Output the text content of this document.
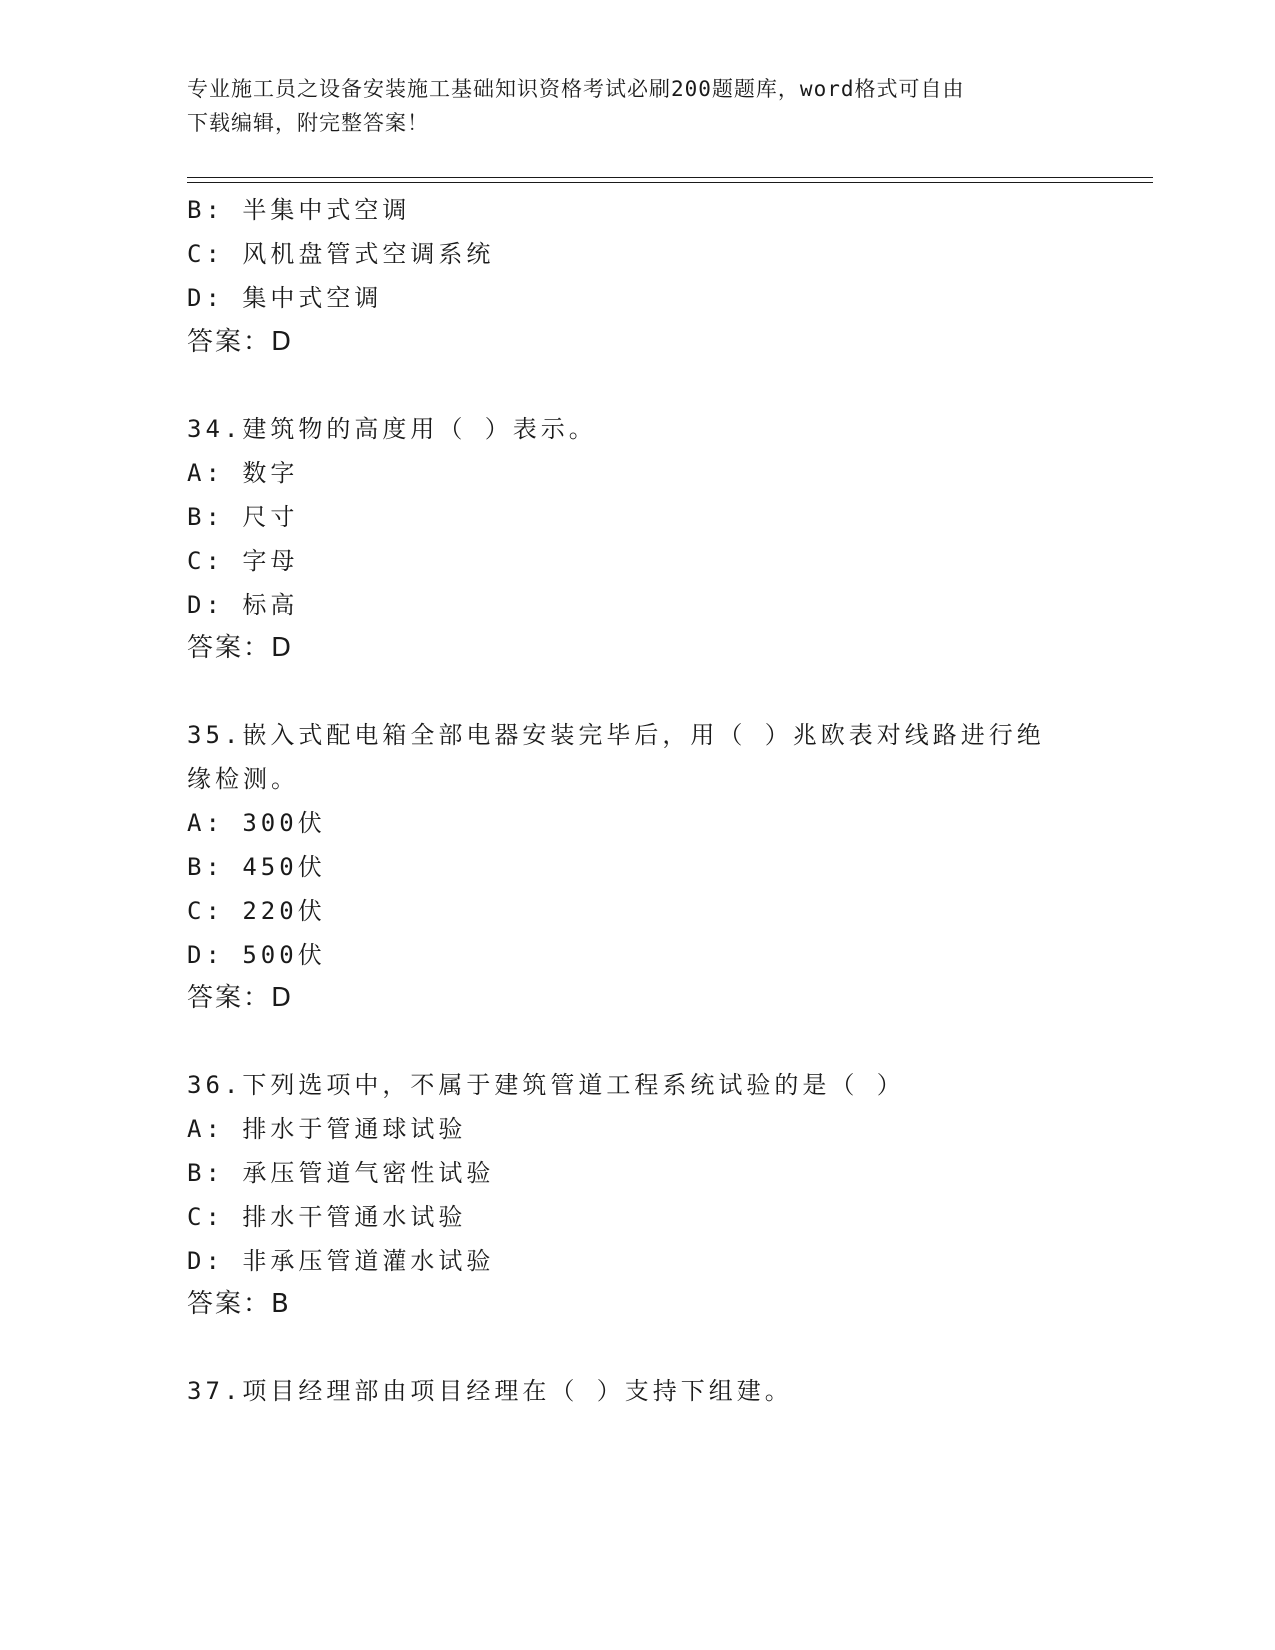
专业施工员之设备安装施工基础知识资格考试必刷200题题库，word格式可自由
下载编辑，附完整答案！
B: 半集中式空调
C: 风机盘管式空调系统
D: 集中式空调
答案：D
34.建筑物的高度用（ ）表示。
A: 数字
B: 尺寸
C: 字母
D: 标高
答案：D
35.嵌入式配电箱全部电器安装完毕后，用（ ）兆欧表对线路进行绝
缘检测。
A: 300伏
B: 450伏
C: 220伏
D: 500伏
答案：D
36.下列选项中，不属于建筑管道工程系统试验的是（ ）
A: 排水于管通球试验
B: 承压管道气密性试验
C: 排水干管通水试验
D: 非承压管道灌水试验
答案：B
37.项目经理部由项目经理在（ ）支持下组建。
